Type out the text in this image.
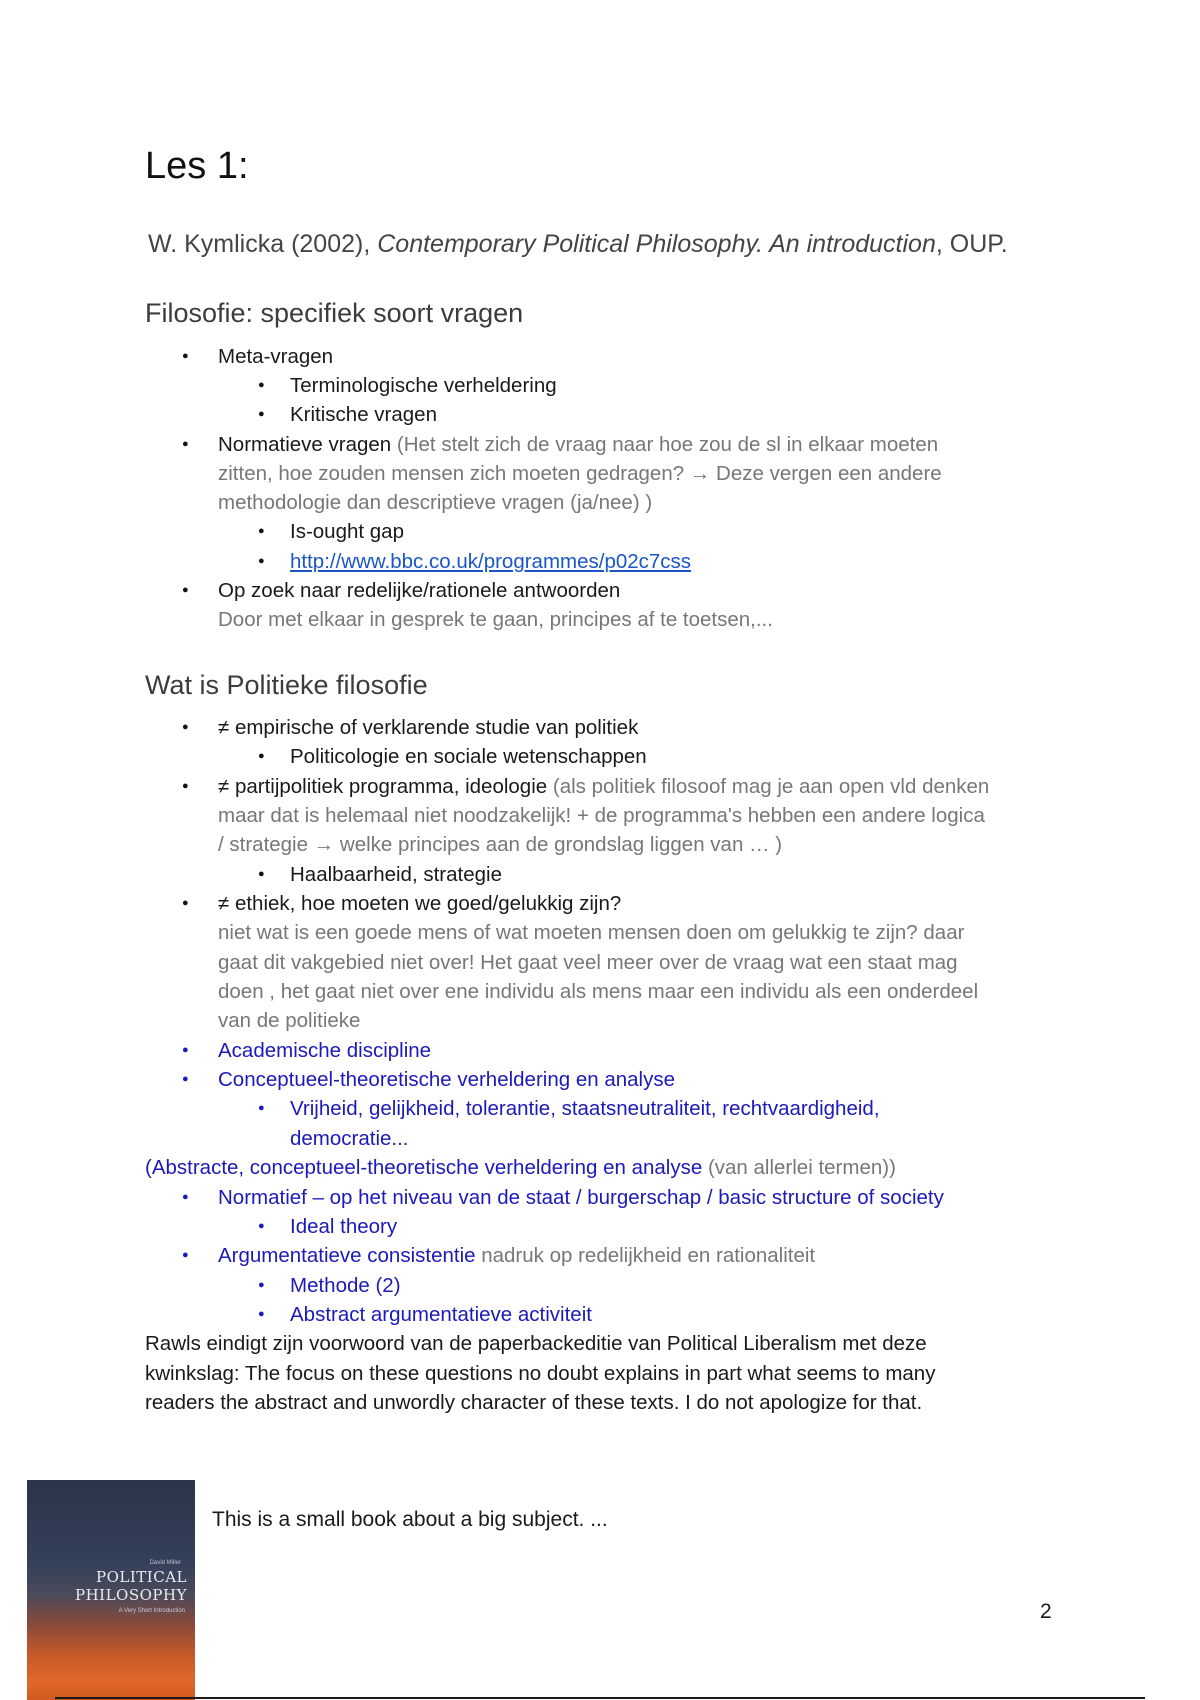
Les 1:
W. Kymlicka (2002), Contemporary Political Philosophy. An introduction, OUP.
Filosofie: specifiek soort vragen
● Meta-vragen
● Terminologische verheldering
● Kritische vragen
● Normatieve vragen (Het stelt zich de vraag naar hoe zou de sl in elkaar moeten
zitten, hoe zouden mensen zich moeten gedragen? → Deze vergen een andere
methodologie dan descriptieve vragen (ja/nee) )
● Is-ought gap
● http://www.bbc.co.uk/programmes/p02c7css
● Op zoek naar redelijke/rationele antwoorden
Door met elkaar in gesprek te gaan, principes af te toetsen,...
Wat is Politieke filosofie
● ≠ empirische of verklarende studie van politiek
● Politicologie en sociale wetenschappen
● ≠ partijpolitiek programma, ideologie (als politiek filosoof mag je aan open vld denken
maar dat is helemaal niet noodzakelijk! + de programma's hebben een andere logica
/ strategie → welke principes aan de grondslag liggen van … )
● Haalbaarheid, strategie
● ≠ ethiek, hoe moeten we goed/gelukkig zijn?
niet wat is een goede mens of wat moeten mensen doen om gelukkig te zijn? daar
gaat dit vakgebied niet over! Het gaat veel meer over de vraag wat een staat mag
doen , het gaat niet over ene individu als mens maar een individu als een onderdeel
van de politieke
● Academische discipline
● Conceptueel-theoretische verheldering en analyse
● Vrijheid, gelijkheid, tolerantie, staatsneutraliteit, rechtvaardigheid,
democratie...
(Abstracte, conceptueel-theoretische verheldering en analyse (van allerlei termen))
● Normatief – op het niveau van de staat / burgerschap / basic structure of society
● Ideal theory
● Argumentatieve consistentie nadruk op redelijkheid en rationaliteit
● Methode (2)
● Abstract argumentatieve activiteit
Rawls eindigt zijn voorwoord van de paperbackeditie van Political Liberalism met deze
kwinkslag: The focus on these questions no doubt explains in part what seems to many
readers the abstract and unwordly character of these texts. I do not apologize for that.
David Miller
POLITICAL PHILOSOPHY
A Very Short Introduction
This is a small book about a big subject. ...
2
